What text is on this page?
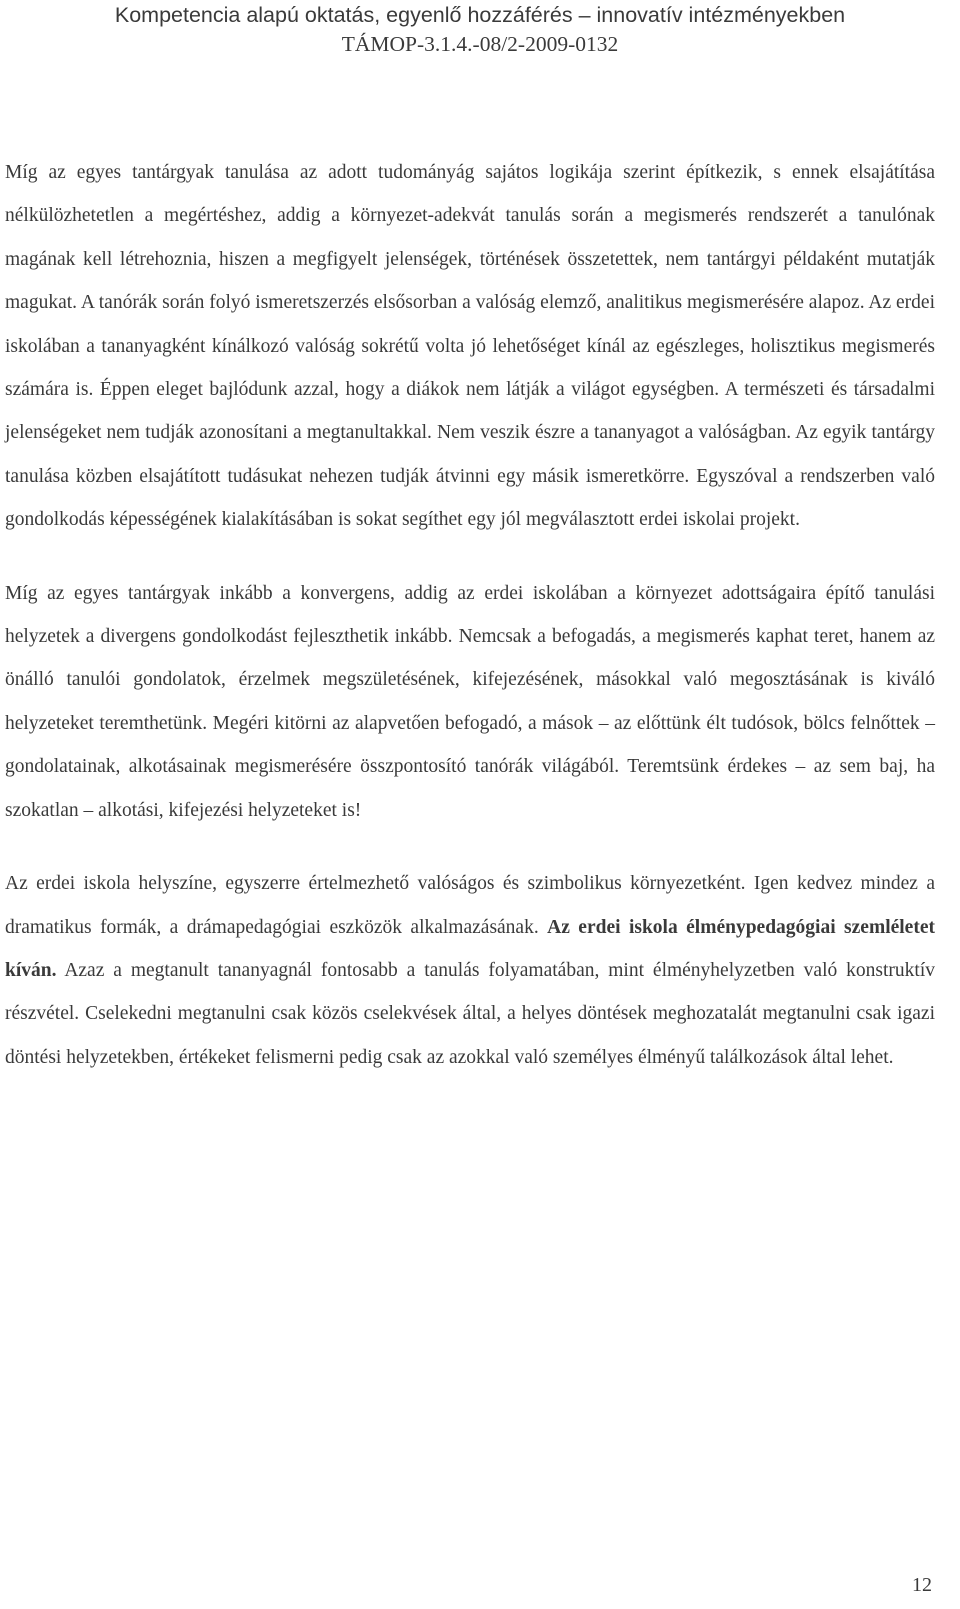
Kompetencia alapú oktatás, egyenlő hozzáférés – innovatív intézményekben
TÁMOP-3.1.4.-08/2-2009-0132

Míg az egyes tantárgyak tanulása az adott tudományág sajátos logikája szerint építkezik, s ennek elsajátítása nélkülözhetetlen a megértéshez, addig a környezet-adekvát tanulás során a megismerés rendszerét a tanulónak magának kell létrehoznia, hiszen a megfigyelt jelenségek, történések összetettek, nem tantárgyi példaként mutatják magukat. A tanórák során folyó ismeretszerzés elsősorban a valóság elemző, analitikus megismerésére alapoz. Az erdei iskolában a tananyagként kínálkozó valóság sokrétű volta jó lehetőséget kínál az egészleges, holisztikus megismerés számára is. Éppen eleget bajlódunk azzal, hogy a diákok nem látják a világot egységben. A természeti és társadalmi jelenségeket nem tudják azonosítani a megtanultakkal. Nem veszik észre a tananyagot a valóságban. Az egyik tantárgy tanulása közben elsajátított tudásukat nehezen tudják átvinni egy másik ismeretkörre. Egyszóval a rendszerben való gondolkodás képességének kialakításában is sokat segíthet egy jól megválasztott erdei iskolai projekt.

Míg az egyes tantárgyak inkább a konvergens, addig az erdei iskolában a környezet adottságaira építő tanulási helyzetek a divergens gondolkodást fejleszthetik inkább. Nemcsak a befogadás, a megismerés kaphat teret, hanem az önálló tanulói gondolatok, érzelmek megszületésének, kifejezésének, másokkal való megosztásának is kiváló helyzeteket teremthetünk. Megéri kitörni az alapvetően befogadó, a mások – az előttünk élt tudósok, bölcs felnőttek – gondolatainak, alkotásainak megismerésére összpontosító tanórák világából. Teremtsünk érdekes – az sem baj, ha szokatlan – alkotási, kifejezési helyzeteket is!

Az erdei iskola helyszíne, egyszerre értelmezhető valóságos és szimbolikus környezetként. Igen kedvez mindez a dramatikus formák, a drámapedagógiai eszközök alkalmazásának. Az erdei iskola élménypedagógiai szemléletet kíván. Azaz a megtanult tananyagnál fontosabb a tanulás folyamatában, mint élményhelyzetben való konstruktív részvétel. Cselekedni megtanulni csak közös cselekvések által, a helyes döntések meghozatalát megtanulni csak igazi döntési helyzetekben, értékeket felismerni pedig csak az azokkal való személyes élményű találkozások által lehet.

12
